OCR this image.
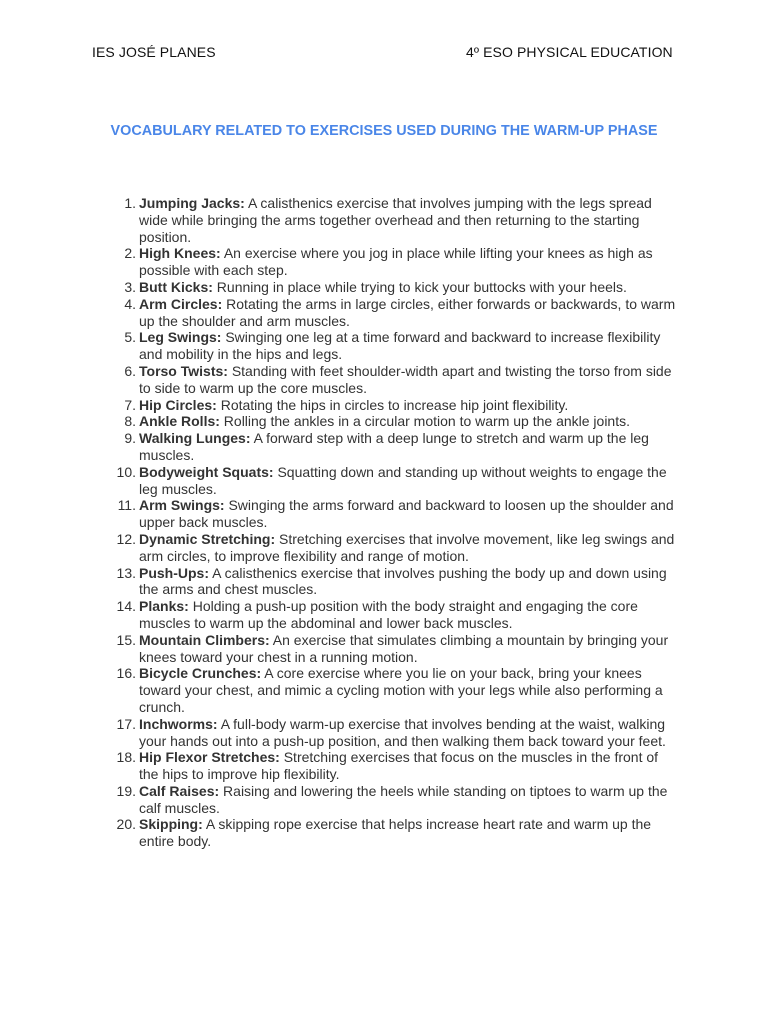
IES JOSÉ PLANES	4º ESO PHYSICAL EDUCATION
VOCABULARY RELATED TO EXERCISES USED DURING THE WARM-UP PHASE
1. Jumping Jacks: A calisthenics exercise that involves jumping with the legs spread wide while bringing the arms together overhead and then returning to the starting position.
2. High Knees: An exercise where you jog in place while lifting your knees as high as possible with each step.
3. Butt Kicks: Running in place while trying to kick your buttocks with your heels.
4. Arm Circles: Rotating the arms in large circles, either forwards or backwards, to warm up the shoulder and arm muscles.
5. Leg Swings: Swinging one leg at a time forward and backward to increase flexibility and mobility in the hips and legs.
6. Torso Twists: Standing with feet shoulder-width apart and twisting the torso from side to side to warm up the core muscles.
7. Hip Circles: Rotating the hips in circles to increase hip joint flexibility.
8. Ankle Rolls: Rolling the ankles in a circular motion to warm up the ankle joints.
9. Walking Lunges: A forward step with a deep lunge to stretch and warm up the leg muscles.
10. Bodyweight Squats: Squatting down and standing up without weights to engage the leg muscles.
11. Arm Swings: Swinging the arms forward and backward to loosen up the shoulder and upper back muscles.
12. Dynamic Stretching: Stretching exercises that involve movement, like leg swings and arm circles, to improve flexibility and range of motion.
13. Push-Ups: A calisthenics exercise that involves pushing the body up and down using the arms and chest muscles.
14. Planks: Holding a push-up position with the body straight and engaging the core muscles to warm up the abdominal and lower back muscles.
15. Mountain Climbers: An exercise that simulates climbing a mountain by bringing your knees toward your chest in a running motion.
16. Bicycle Crunches: A core exercise where you lie on your back, bring your knees toward your chest, and mimic a cycling motion with your legs while also performing a crunch.
17. Inchworms: A full-body warm-up exercise that involves bending at the waist, walking your hands out into a push-up position, and then walking them back toward your feet.
18. Hip Flexor Stretches: Stretching exercises that focus on the muscles in the front of the hips to improve hip flexibility.
19. Calf Raises: Raising and lowering the heels while standing on tiptoes to warm up the calf muscles.
20. Skipping: A skipping rope exercise that helps increase heart rate and warm up the entire body.
